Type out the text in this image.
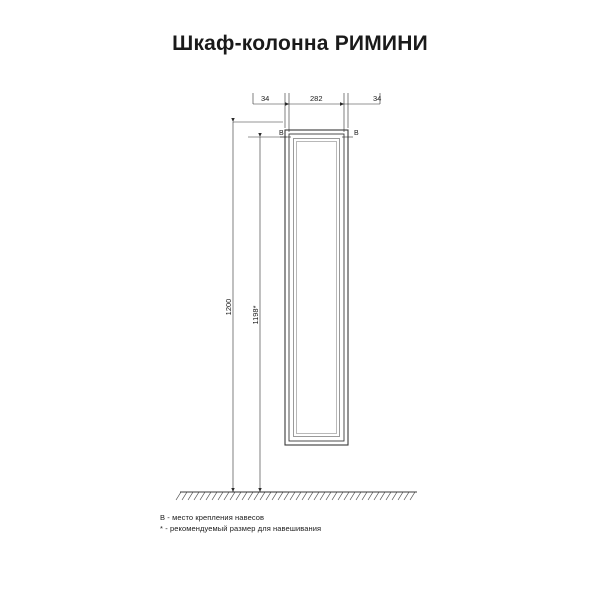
Шкаф-колонна РИМИНИ
34	282	34
В	В
1200 1198*
В - место крепления навесов
* - рекомендуемый размер для навешивания
